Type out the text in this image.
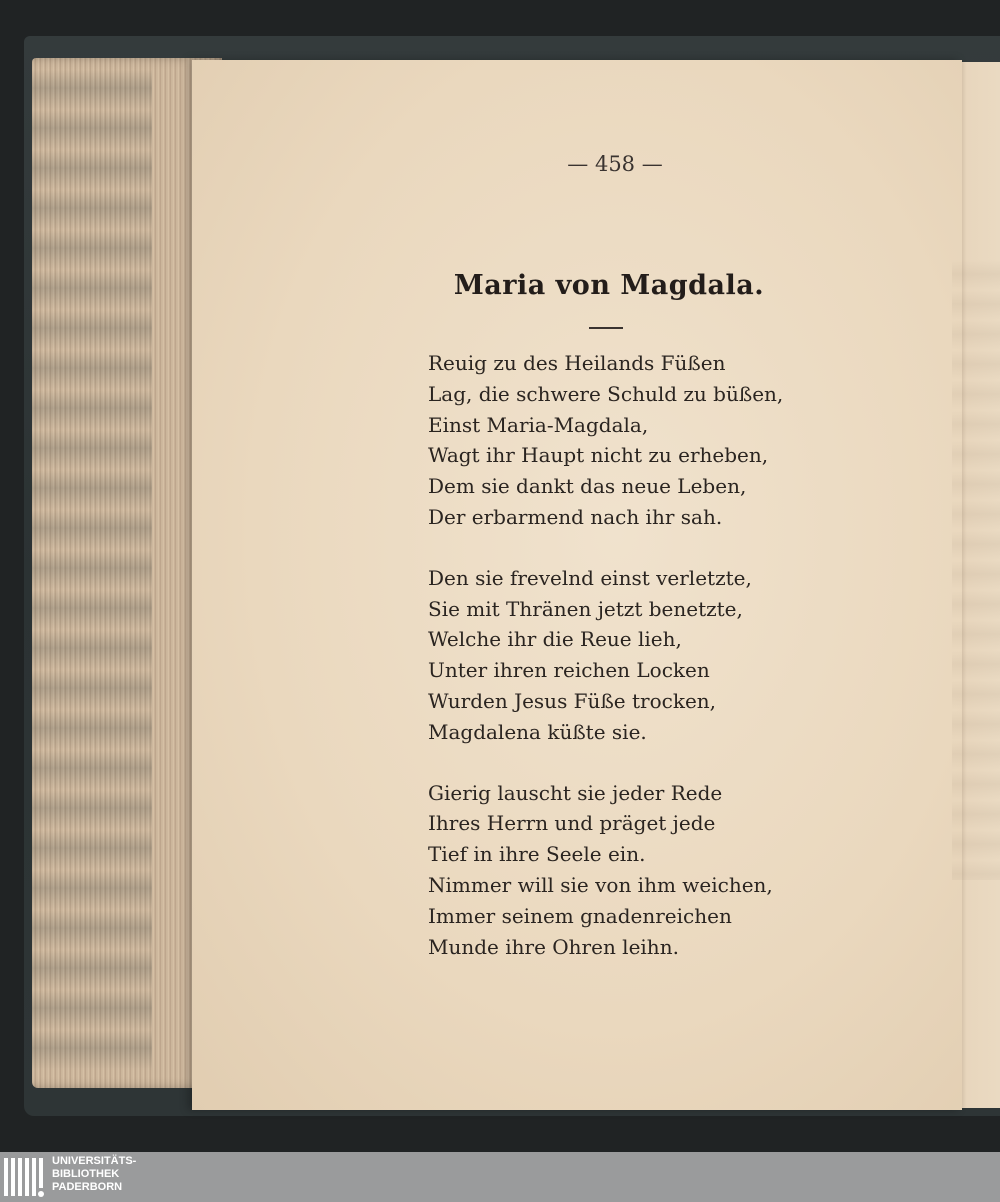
— 458 —
Maria von Magdala.
Reuig zu des Heilands Füßen
Lag, die schwere Schuld zu büßen,
Einst Maria-Magdala,
Wagt ihr Haupt nicht zu erheben,
Dem sie dankt das neue Leben,
Der erbarmend nach ihr sah.
Den sie frevelnd einst verletzte,
Sie mit Thränen jetzt benetzte,
Welche ihr die Reue lieh,
Unter ihren reichen Locken
Wurden Jesus Füße trocken,
Magdalena küßte sie.
Gierig lauscht sie jeder Rede
Ihres Herrn und präget jede
Tief in ihre Seele ein.
Nimmer will sie von ihm weichen,
Immer seinem gnadenreichen
Munde ihre Ohren leihn.
UNIVERSITÄTS-
BIBLIOTHEK
PADERBORN
